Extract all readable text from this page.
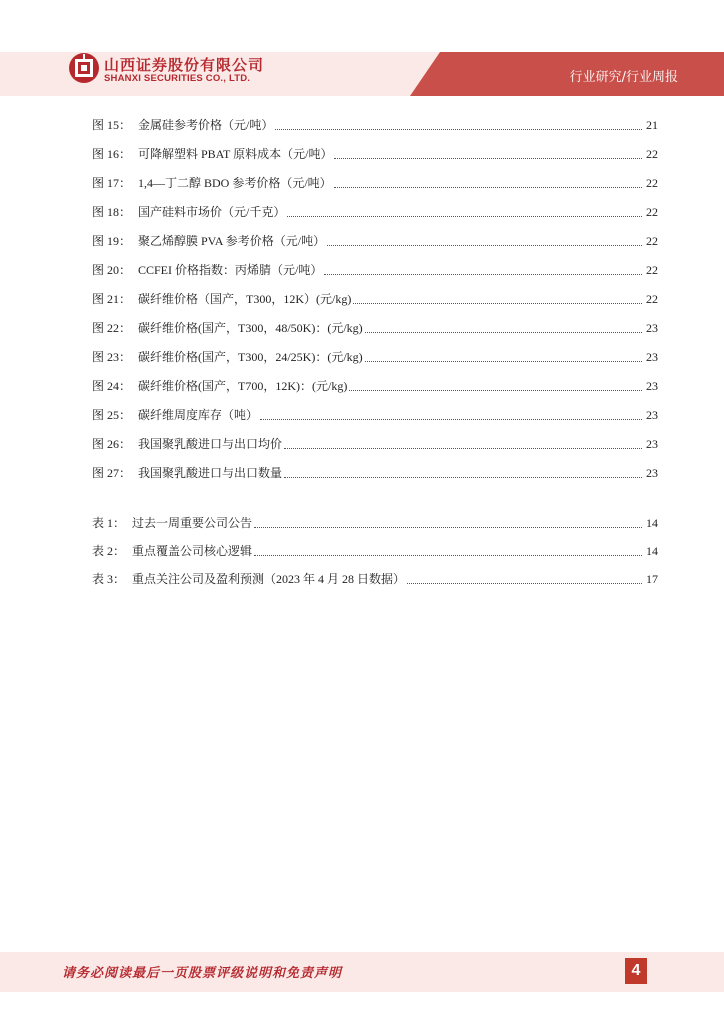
山西证券股份有限公司
SHANXI SECURITIES CO., LTD.	行业研究/行业周报
图 15： 金属硅参考价格（元/吨）	21
图 16： 可降解塑料 PBAT 原料成本（元/吨）	22
图 17： 1,4—丁二醇 BDO 参考价格（元/吨）	22
图 18： 国产硅料市场价（元/千克）	22
图 19： 聚乙烯醇膜 PVA 参考价格（元/吨）	22
图 20： CCFEI 价格指数：丙烯腈（元/吨）	22
图 21： 碳纤维价格（国产，T300，12K）(元/kg)	22
图 22： 碳纤维价格(国产，T300，48/50K)：(元/kg)	23
图 23： 碳纤维价格(国产，T300，24/25K)：(元/kg)	23
图 24： 碳纤维价格(国产，T700，12K)：(元/kg)	23
图 25： 碳纤维周度库存（吨）	23
图 26： 我国聚乳酸进口与出口均价	23
图 27： 我国聚乳酸进口与出口数量	23
表 1： 过去一周重要公司公告	14
表 2： 重点覆盖公司核心逻辑	14
表 3： 重点关注公司及盈利预测（2023 年 4 月 28 日数据）	17
请务必阅读最后一页股票评级说明和免责声明	4
